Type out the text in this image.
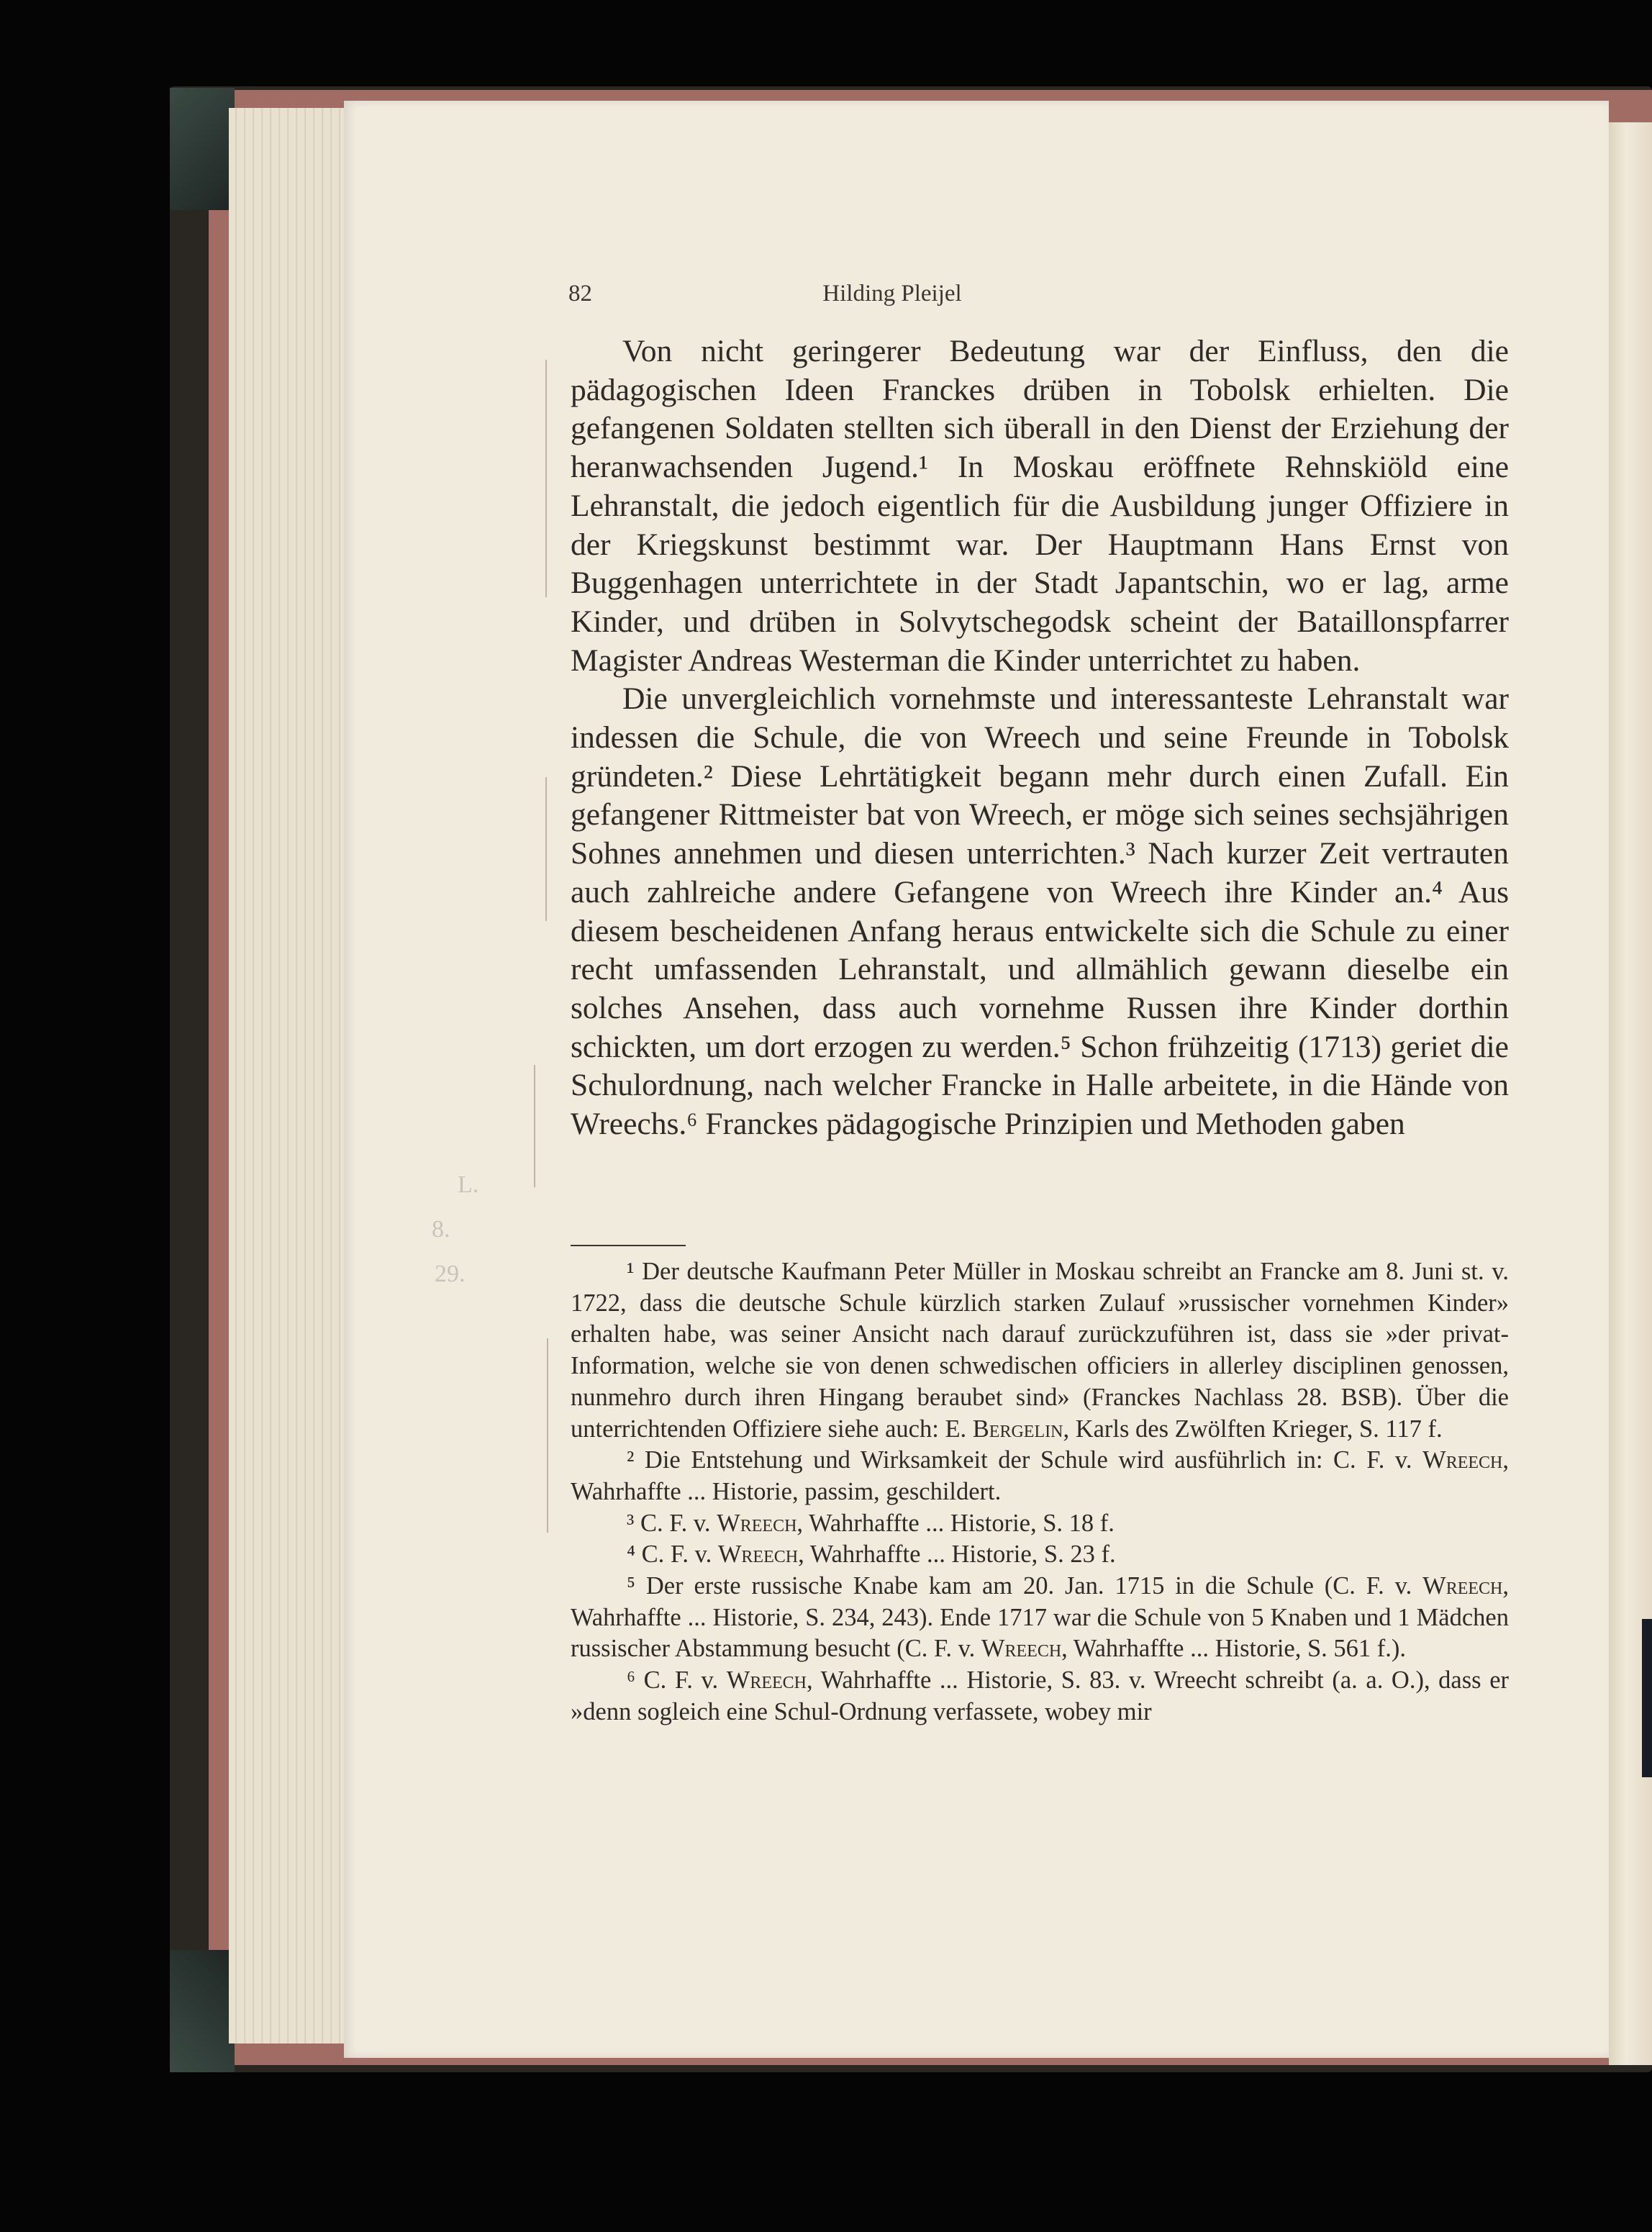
L.
8.
29.
82	Hilding Pleijel

Von nicht geringerer Bedeutung war der Einfluss, den die pädagogischen Ideen Franckes drüben in Tobolsk erhielten. Die gefangenen Soldaten stellten sich überall in den Dienst der Erziehung der heranwachsenden Jugend.¹ In Moskau eröffnete Rehnskiöld eine Lehranstalt, die jedoch eigentlich für die Ausbildung junger Offiziere in der Kriegskunst bestimmt war. Der Hauptmann Hans Ernst von Buggenhagen unterrichtete in der Stadt Japantschin, wo er lag, arme Kinder, und drüben in Solvytschegodsk scheint der Bataillonspfarrer Magister Andreas Westerman die Kinder unterrichtet zu haben.

Die unvergleichlich vornehmste und interessanteste Lehranstalt war indessen die Schule, die von Wreech und seine Freunde in Tobolsk gründeten.² Diese Lehrtätigkeit begann mehr durch einen Zufall. Ein gefangener Rittmeister bat von Wreech, er möge sich seines sechsjährigen Sohnes annehmen und diesen unterrichten.³ Nach kurzer Zeit vertrauten auch zahlreiche andere Gefangene von Wreech ihre Kinder an.⁴ Aus diesem bescheidenen Anfang heraus entwickelte sich die Schule zu einer recht umfassenden Lehranstalt, und allmählich gewann dieselbe ein solches Ansehen, dass auch vornehme Russen ihre Kinder dorthin schickten, um dort erzogen zu werden.⁵ Schon frühzeitig (1713) geriet die Schulordnung, nach welcher Francke in Halle arbeitete, in die Hände von Wreechs.⁶ Franckes pädagogische Prinzipien und Methoden gaben

¹ Der deutsche Kaufmann Peter Müller in Moskau schreibt an Francke am 8. Juni st. v. 1722, dass die deutsche Schule kürzlich starken Zulauf »russischer vornehmen Kinder» erhalten habe, was seiner Ansicht nach darauf zurückzuführen ist, dass sie »der privat-Information, welche sie von denen schwedischen officiers in allerley disciplinen genossen, nunmehro durch ihren Hingang beraubet sind» (Franckes Nachlass 28. BSB). Über die unterrichtenden Offiziere siehe auch: E. Bergelin, Karls des Zwölften Krieger, S. 117 f.

² Die Entstehung und Wirksamkeit der Schule wird ausführlich in: C. F. v. Wreech, Wahrhaffte ... Historie, passim, geschildert.

³ C. F. v. Wreech, Wahrhaffte ... Historie, S. 18 f.

⁴ C. F. v. Wreech, Wahrhaffte ... Historie, S. 23 f.

⁵ Der erste russische Knabe kam am 20. Jan. 1715 in die Schule (C. F. v. Wreech, Wahrhaffte ... Historie, S. 234, 243). Ende 1717 war die Schule von 5 Knaben und 1 Mädchen russischer Abstammung besucht (C. F. v. Wreech, Wahrhaffte ... Historie, S. 561 f.).

⁶ C. F. v. Wreech, Wahrhaffte ... Historie, S. 83. v. Wreecht schreibt (a. a. O.), dass er »denn sogleich eine Schul-Ordnung verfassete, wobey mir
